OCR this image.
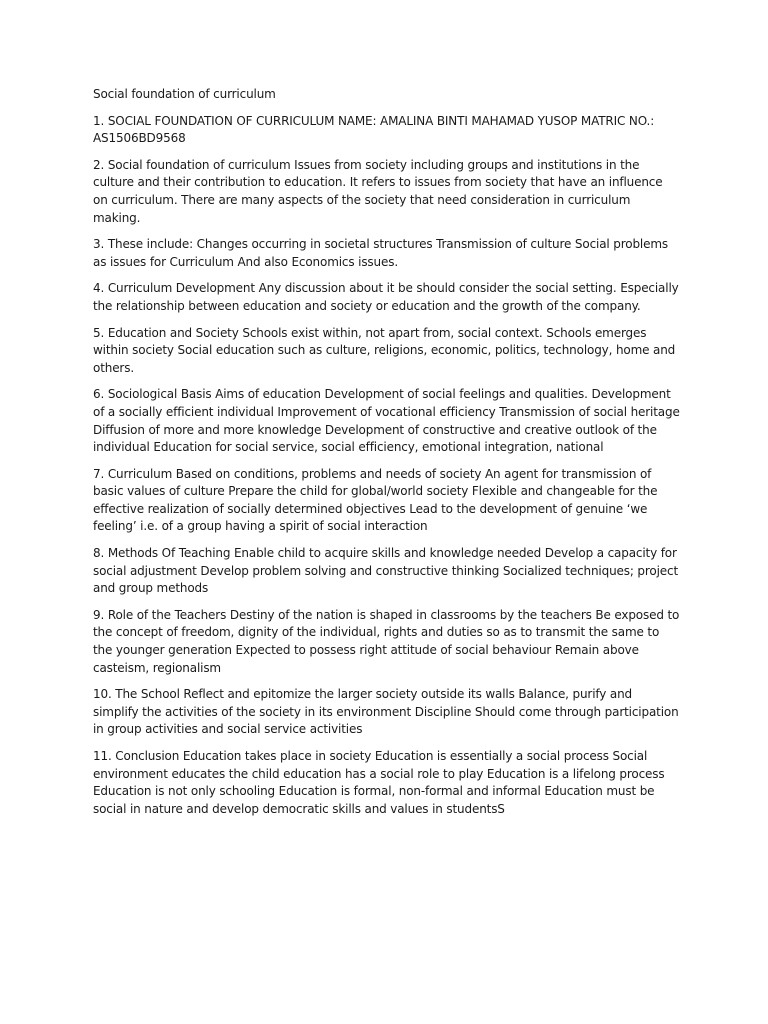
Social foundation of curriculum

1. SOCIAL FOUNDATION OF CURRICULUM NAME: AMALINA BINTI MAHAMAD YUSOP MATRIC NO.: AS1506BD9568

2. Social foundation of curriculum Issues from society including groups and institutions in the culture and their contribution to education. It refers to issues from society that have an influence on curriculum. There are many aspects of the society that need consideration in curriculum making.

3. These include: Changes occurring in societal structures Transmission of culture Social problems as issues for Curriculum And also Economics issues.

4. Curriculum Development Any discussion about it be should consider the social setting. Especially the relationship between education and society or education and the growth of the company.

5. Education and Society Schools exist within, not apart from, social context. Schools emerges within society Social education such as culture, religions, economic, politics, technology, home and others.

6. Sociological Basis Aims of education Development of social feelings and qualities. Development of a socially efficient individual Improvement of vocational efficiency Transmission of social heritage Diffusion of more and more knowledge Development of constructive and creative outlook of the individual Education for social service, social efficiency, emotional integration, national

7. Curriculum Based on conditions, problems and needs of society An agent for transmission of basic values of culture Prepare the child for global/world society Flexible and changeable for the effective realization of socially determined objectives Lead to the development of genuine ‘we feeling’ i.e. of a group having a spirit of social interaction

8. Methods Of Teaching Enable child to acquire skills and knowledge needed Develop a capacity for social adjustment Develop problem solving and constructive thinking Socialized techniques; project and group methods

9. Role of the Teachers Destiny of the nation is shaped in classrooms by the teachers Be exposed to the concept of freedom, dignity of the individual, rights and duties so as to transmit the same to the younger generation Expected to possess right attitude of social behaviour Remain above casteism, regionalism

10. The School Reflect and epitomize the larger society outside its walls Balance, purify and simplify the activities of the society in its environment Discipline Should come through participation in group activities and social service activities

11. Conclusion Education takes place in society Education is essentially a social process Social environment educates the child education has a social role to play Education is a lifelong process Education is not only schooling Education is formal, non-formal and informal Education must be social in nature and develop democratic skills and values in studentsS
